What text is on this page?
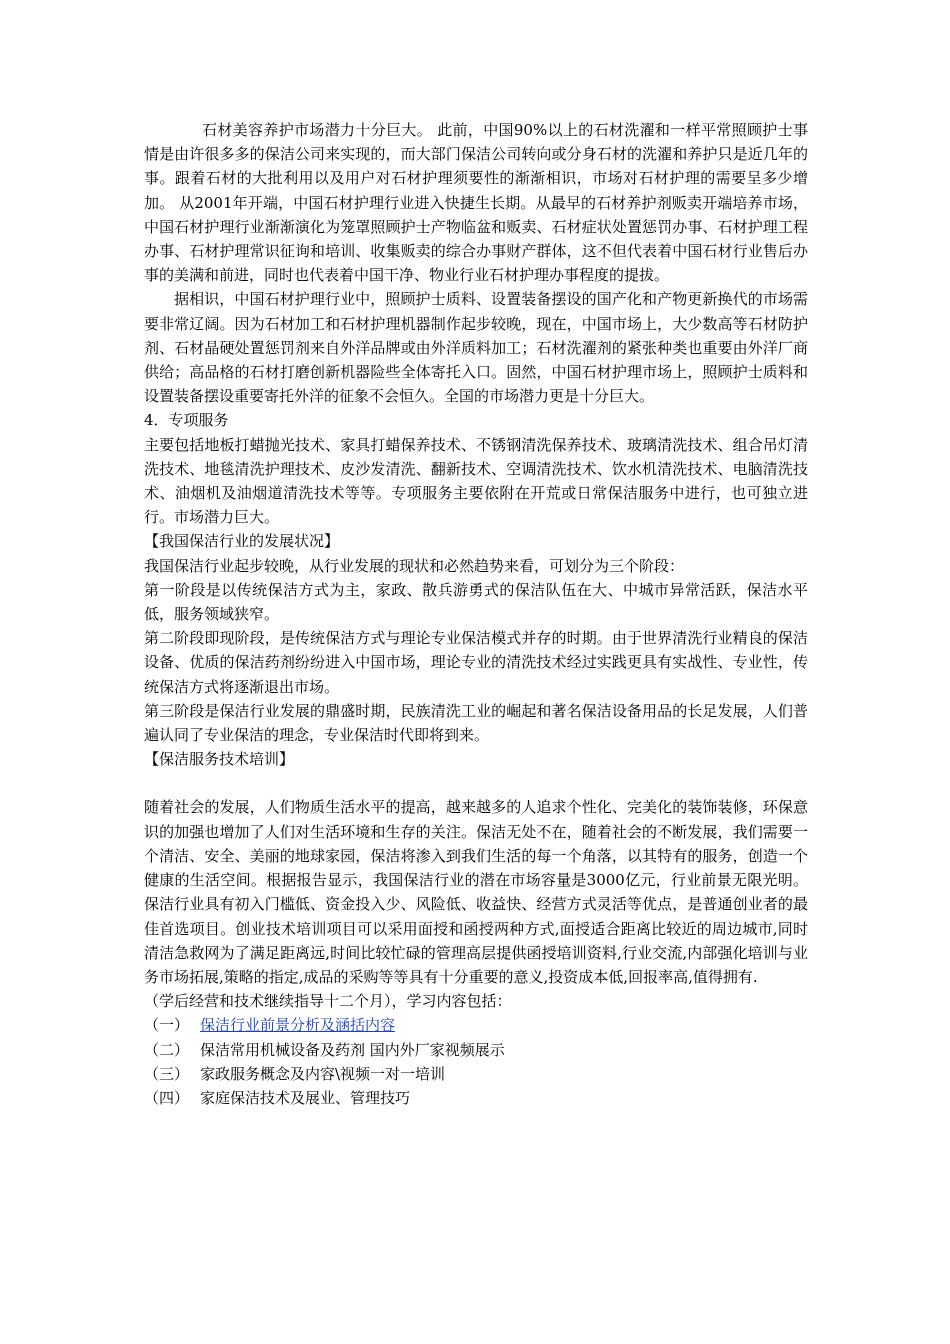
石材美容养护市场潜力十分巨大。 此前，中国90%以上的石材洗濯和一样平常照顾护士事情是由许很多多的保洁公司来实现的，而大部门保洁公司转向或分身石材的洗濯和养护只是近几年的事。跟着石材的大批利用以及用户对石材护理须要性的渐渐相识，市场对石材护理的需要呈多少增加。 从2001年开端，中国石材护理行业进入快捷生长期。从最早的石材养护剂贩卖开端培养市场，中国石材护理行业渐渐演化为笼罩照顾护士产物临盆和贩卖、石材症状处置惩罚办事、石材护理工程办事、石材护理常识征询和培训、收集贩卖的综合办事财产群体，这不但代表着中国石材行业售后办事的美满和前进，同时也代表着中国干净、物业行业石材护理办事程度的提拔。

据相识，中国石材护理行业中，照顾护士质料、设置装备摆设的国产化和产物更新换代的市场需要非常辽阔。因为石材加工和石材护理机器制作起步较晚，现在，中国市场上，大少数高等石材防护剂、石材晶硬处置惩罚剂来自外洋品牌或由外洋质料加工；石材洗濯剂的紧张种类也重要由外洋厂商供给；高品格的石材打磨创新机器险些全体寄托入口。固然，中国石材护理市场上，照顾护士质料和设置装备摆设重要寄托外洋的征象不会恒久。全国的市场潜力更是十分巨大。

4．专项服务

主要包括地板打蜡抛光技术、家具打蜡保养技术、不锈钢清洗保养技术、玻璃清洗技术、组合吊灯清洗技术、地毯清洗护理技术、皮沙发清洗、翻新技术、空调清洗技术、饮水机清洗技术、电脑清洗技术、油烟机及油烟道清洗技术等等。专项服务主要依附在开荒或日常保洁服务中进行，也可独立进行。市场潜力巨大。

【我国保洁行业的发展状况】

我国保洁行业起步较晚，从行业发展的现状和必然趋势来看，可划分为三个阶段：

第一阶段是以传统保洁方式为主，家政、散兵游勇式的保洁队伍在大、中城市异常活跃，保洁水平低，服务领域狭窄。

第二阶段即现阶段，是传统保洁方式与理论专业保洁模式并存的时期。由于世界清洗行业精良的保洁设备、优质的保洁药剂纷纷进入中国市场，理论专业的清洗技术经过实践更具有实战性、专业性，传统保洁方式将逐渐退出市场。

第三阶段是保洁行业发展的鼎盛时期，民族清洗工业的崛起和著名保洁设备用品的长足发展，人们普遍认同了专业保洁的理念，专业保洁时代即将到来。

【保洁服务技术培训】

随着社会的发展，人们物质生活水平的提高，越来越多的人追求个性化、完美化的装饰装修，环保意识的加强也增加了人们对生活环境和生存的关注。保洁无处不在，随着社会的不断发展，我们需要一个清洁、安全、美丽的地球家园，保洁将渗入到我们生活的每一个角落，以其特有的服务，创造一个健康的生活空间。根据报告显示，我国保洁行业的潜在市场容量是3000亿元，行业前景无限光明。保洁行业具有初入门槛低、资金投入少、风险低、收益快、经营方式灵活等优点，是普通创业者的最佳首选项目。创业技术培训项目可以采用面授和函授两种方式,面授适合距离比较近的周边城市,同时清洁急救网为了满足距离远,时间比较忙碌的管理高层提供函授培训资料,行业交流,内部强化培训与业务市场拓展,策略的指定,成品的采购等等具有十分重要的意义,投资成本低,回报率高,值得拥有.

（学后经营和技术继续指导十二个月），学习内容包括：

（一） 保洁行业前景分析及涵括内容
（二） 保洁常用机械设备及药剂 国内外厂家视频展示
（三） 家政服务概念及内容\视频一对一培训
（四） 家庭保洁技术及展业、管理技巧
